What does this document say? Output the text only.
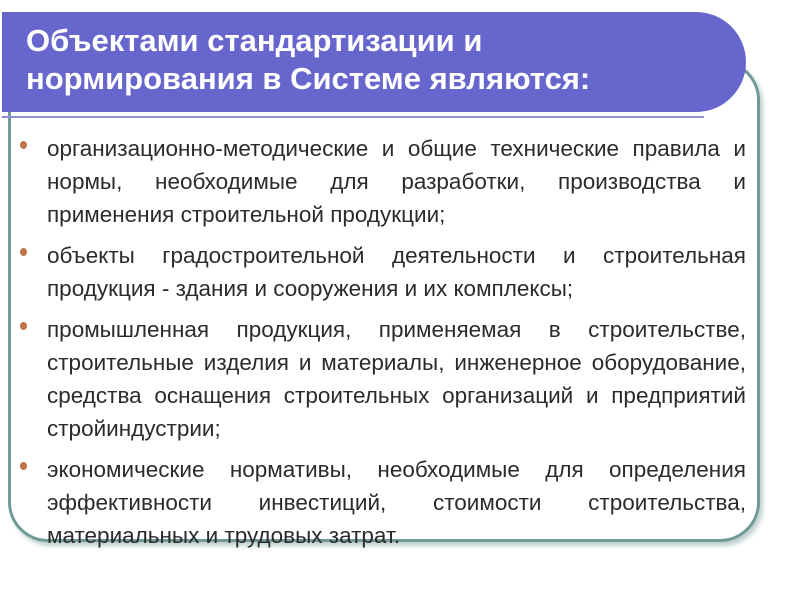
Объектами стандартизации и нормирования в Системе являются:
организационно-методические и общие технические правила и нормы, необходимые для разработки, производства и применения строительной продукции;
объекты градостроительной деятельности и строительная продукция - здания и сооружения и их комплексы;
промышленная продукция, применяемая в строительстве, строительные изделия и материалы, инженерное оборудование, средства оснащения строительных организаций и предприятий стройиндустрии;
экономические нормативы, необходимые для определения эффективности инвестиций, стоимости строительства, материальных и трудовых затрат.
